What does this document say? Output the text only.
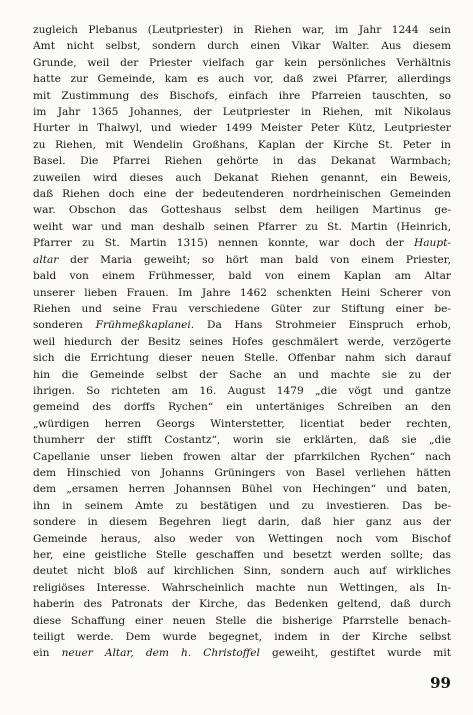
zugleich Plebanus (Leutpriester) in Riehen war, im Jahr 1244 sein
Amt nicht selbst, sondern durch einen Vikar Walter. Aus diesem
Grunde, weil der Priester vielfach gar kein persönliches Verhältnis
hatte zur Gemeinde, kam es auch vor, daß zwei Pfarrer, allerdings
mit Zustimmung des Bischofs, einfach ihre Pfarreien tauschten, so
im Jahr 1365 Johannes, der Leutpriester in Riehen, mit Nikolaus
Hurter in Thalwyl, und wieder 1499 Meister Peter Kütz, Leutpriester
zu Riehen, mit Wendelin Großhans, Kaplan der Kirche St. Peter in
Basel. Die Pfarrei Riehen gehörte in das Dekanat Warmbach;
zuweilen wird dieses auch Dekanat Riehen genannt, ein Beweis,
daß Riehen doch eine der bedeutenderen nordrheinischen Gemeinden
war. Obschon das Gotteshaus selbst dem heiligen Martinus ge-
weiht war und man deshalb seinen Pfarrer zu St. Martin (Heinrich,
Pfarrer zu St. Martin 1315) nennen konnte, war doch der Haupt-
altar der Maria geweiht; so hört man bald von einem Priester,
bald von einem Frühmesser, bald von einem Kaplan am Altar
unserer lieben Frauen. Im Jahre 1462 schenkten Heini Scherer von
Riehen und seine Frau verschiedene Güter zur Stiftung einer be-
sonderen Frühmeßkaplanei. Da Hans Strohmeier Einspruch erhob,
weil hiedurch der Besitz seines Hofes geschmälert werde, verzögerte
sich die Errichtung dieser neuen Stelle. Offenbar nahm sich darauf
hin die Gemeinde selbst der Sache an und machte sie zu der
ihrigen. So richteten am 16. August 1479 „die vögt und gantze
gemeind des dorffs Rychen“ ein untertäniges Schreiben an den
„würdigen herren Georgs Winterstetter, licentiat beder rechten,
thumherr der stifft Costantz“, worin sie erklärten, daß sie „die
Capellanie unser lieben frowen altar der pfarrkilchen Rychen“ nach
dem Hinschied von Johanns Grüningers von Basel verliehen hätten
dem „ersamen herren Johannsen Bühel von Hechingen“ und baten,
ihn in seinem Amte zu bestätigen und zu investieren. Das be-
sondere in diesem Begehren liegt darin, daß hier ganz aus der
Gemeinde heraus, also weder von Wettingen noch vom Bischof
her, eine geistliche Stelle geschaffen und besetzt werden sollte; das
deutet nicht bloß auf kirchlichen Sinn, sondern auch auf wirkliches
religiöses Interesse. Wahrscheinlich machte nun Wettingen, als In-
haberin des Patronats der Kirche, das Bedenken geltend, daß durch
diese Schaffung einer neuen Stelle die bisherige Pfarrstelle benach-
teiligt werde. Dem wurde begegnet, indem in der Kirche selbst
ein neuer Altar, dem h. Christoffel geweiht, gestiftet wurde mit
99
